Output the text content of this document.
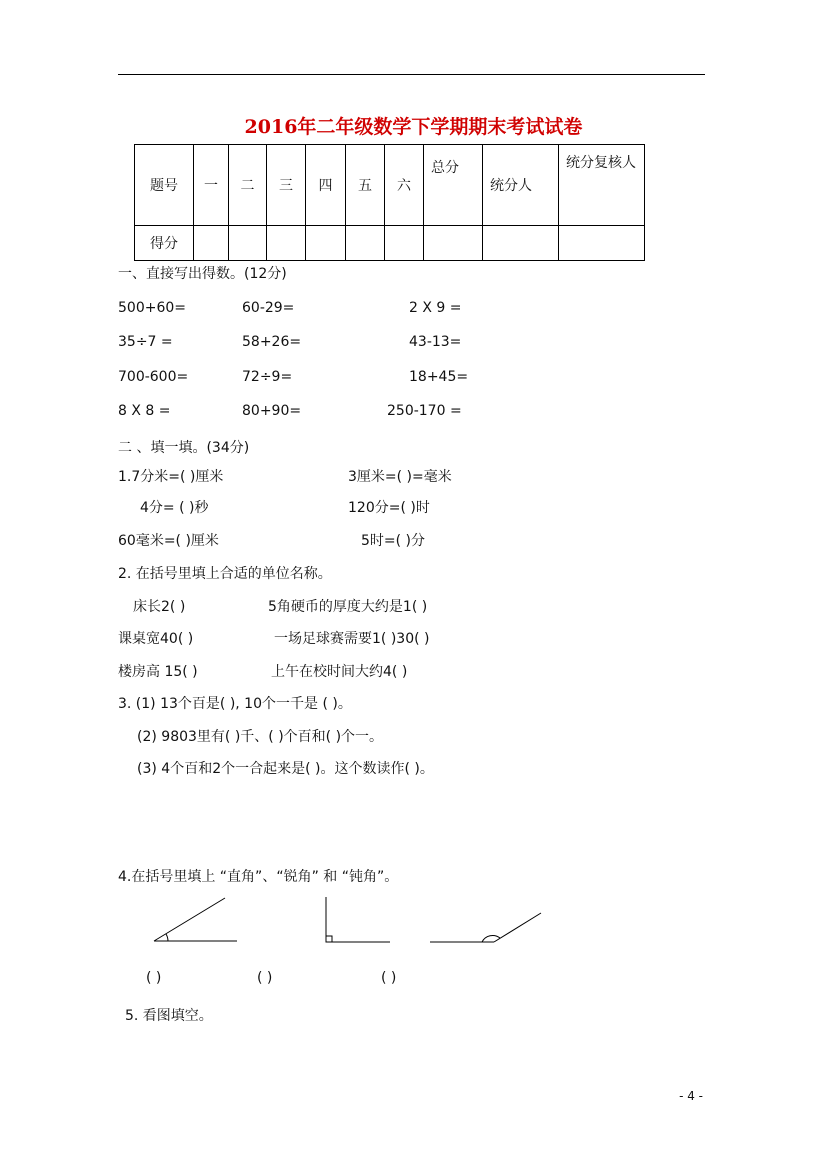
2016年二年级数学下学期期末考试试卷
题号	一	二	三	四	五	六	总分	统分人	统分复核人
得分									
一、直接写出得数。(12分)
500+60=	60-29=	2 X 9 =
35÷7 =	58+26=	43-13=
700-600=	72÷9=	18+45=
8 X 8 =	80+90=	250-170 =
二 、填一填。(34分)
1.7分米=( )厘米	3厘米=( )=毫米
4分= ( )秒	120分=( )时
60毫米=( )厘米	5时=( )分
2. 在括号里填上合适的单位名称。
床长2( )	5角硬币的厚度大约是1( )
课桌宽40( )	一场足球赛需要1( )30( )
楼房高 15( )	上午在校时间大约4( )
3. (1) 13个百是( ), 10个一千是 ( )。
(2) 9803里有( )千、( )个百和( )个一。
(3) 4个百和2个一合起来是( )。这个数读作( )。
4.在括号里填上 “直角”、“锐角” 和 “钝角”。
( )	( )	( )
5. 看图填空。
- 4 -
